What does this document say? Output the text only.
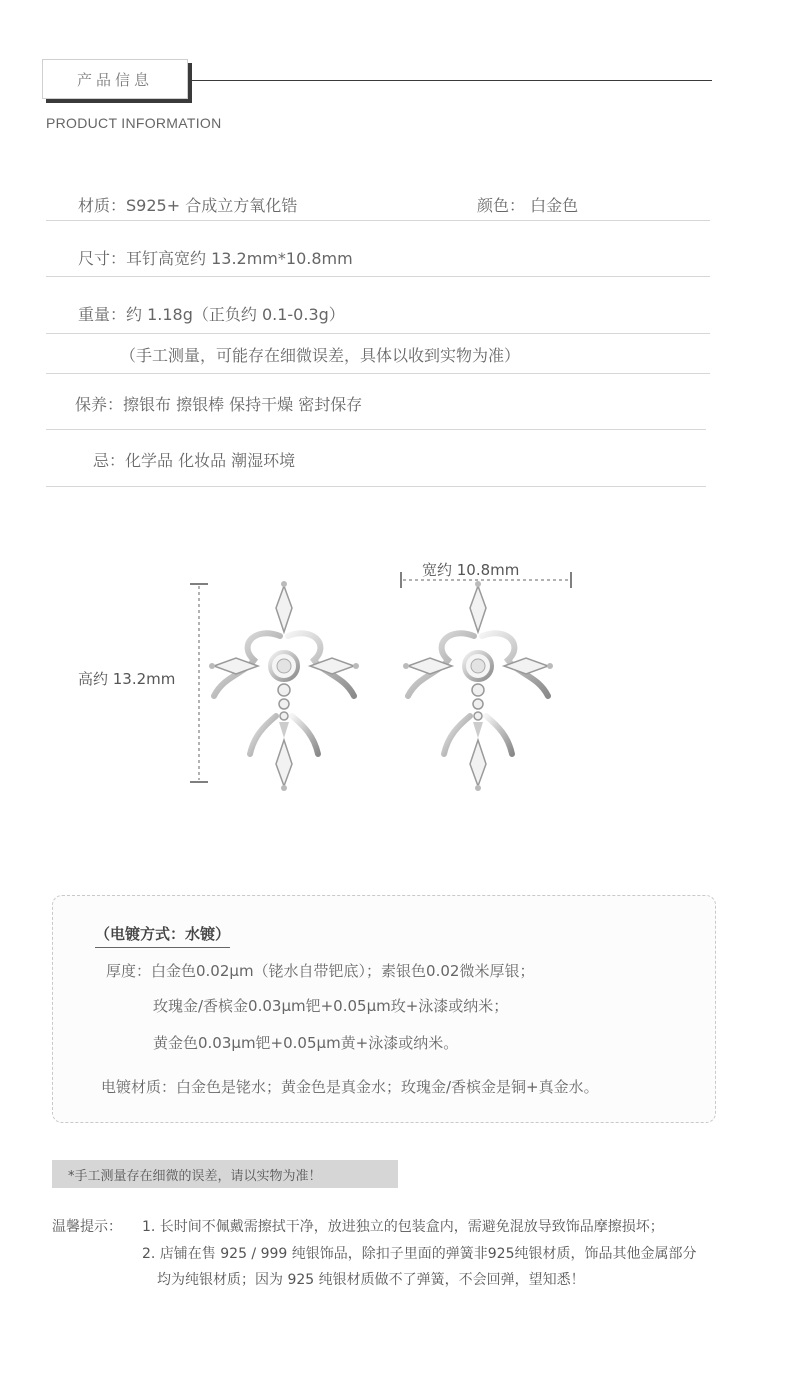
产品信息
PRODUCT INFORMATION
材质：S925+ 合成立方氧化锆	颜色： 白金色
尺寸：耳钉高宽约 13.2mm*10.8mm
重量：约 1.18g（正负约 0.1-0.3g）
（手工测量，可能存在细微误差，具体以收到实物为准）
保养：擦银布 擦银棒 保持干燥 密封保存
忌：化学品 化妆品 潮湿环境
高约 13.2mm
宽约 10.8mm
（电镀方式：水镀）
厚度：白金色0.02μm（铑水自带钯底）；素银色0.02微米厚银；
玫瑰金/香槟金0.03μm钯+0.05μm玫+泳漆或纳米；
黄金色0.03μm钯+0.05μm黄+泳漆或纳米。
电镀材质：白金色是铑水；黄金色是真金水；玫瑰金/香槟金是铜+真金水。
*手工测量存在细微的误差，请以实物为准！
温馨提示： 1. 长时间不佩戴需擦拭干净，放进独立的包装盒内，需避免混放导致饰品摩擦损坏；
2. 店铺在售 925 / 999 纯银饰品，除扣子里面的弹簧非925纯银材质，饰品其他金属部分
均为纯银材质；因为 925 纯银材质做不了弹簧，不会回弹，望知悉！
